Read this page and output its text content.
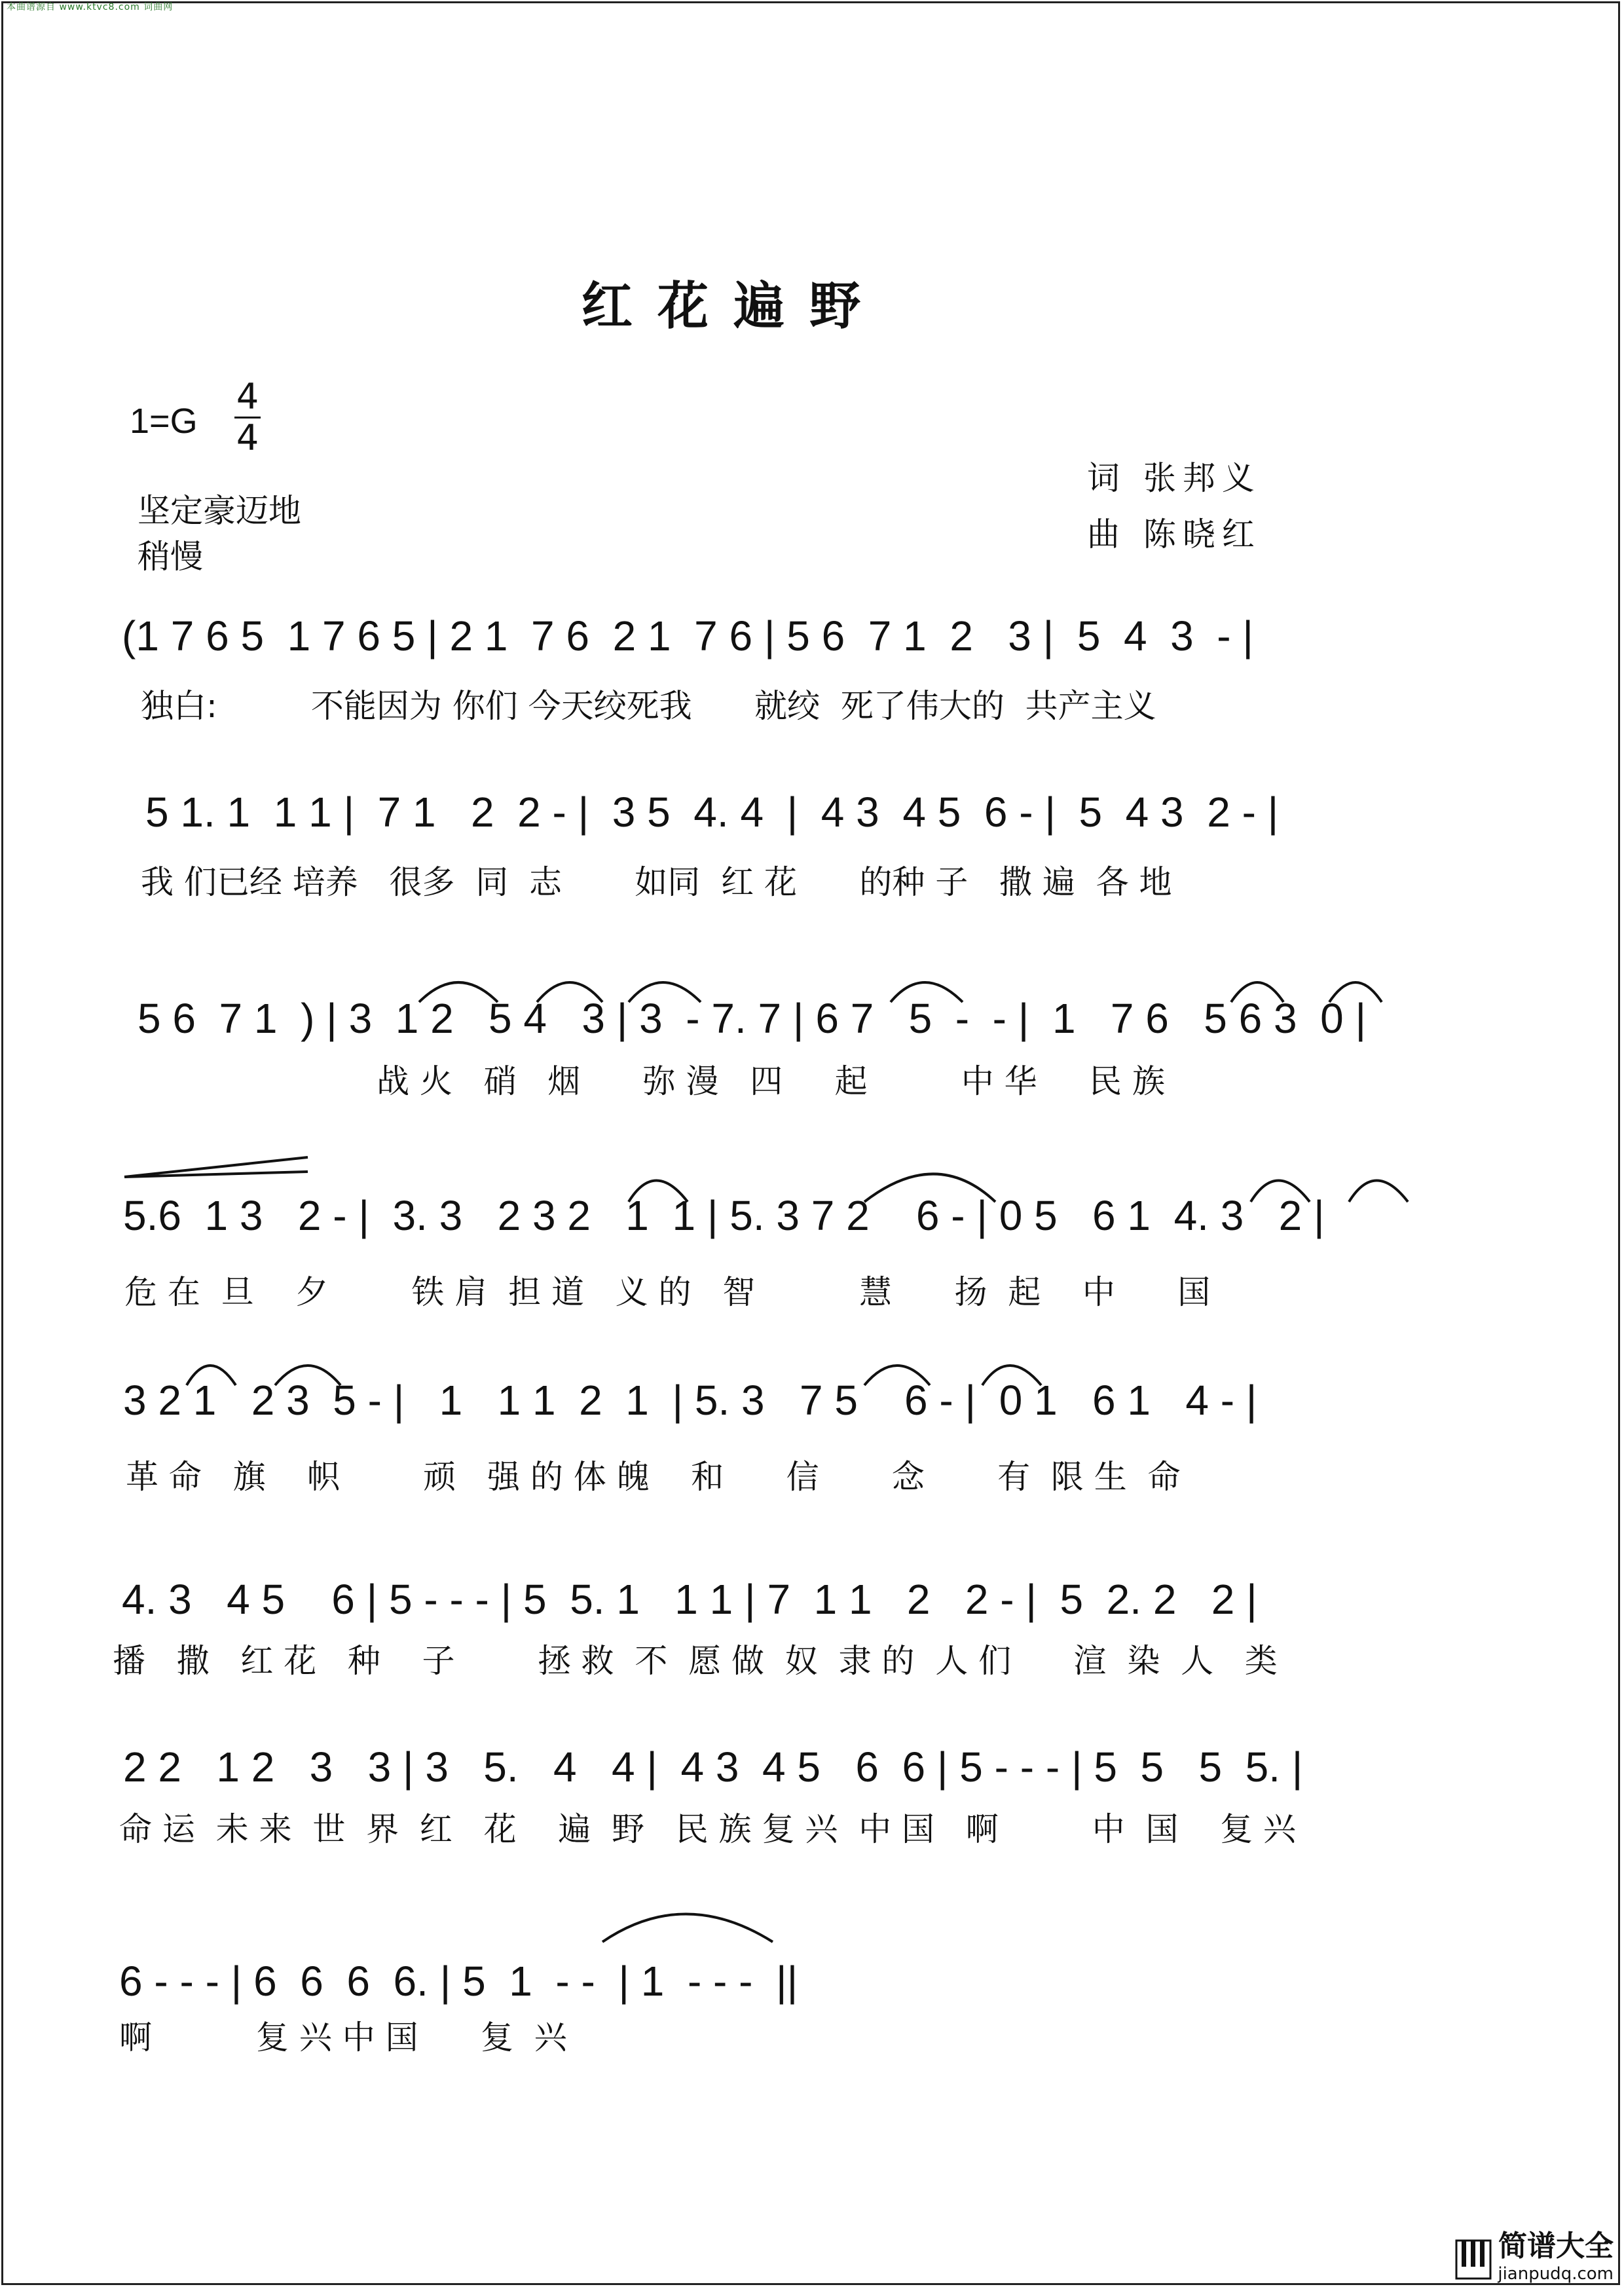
本曲谱源自 www.ktvc8.com 词曲网
红花遍野
1=G
4
4
坚定豪迈地
稍慢
词 张邦义
曲 陈晓红
(1 7 6 5  1 7 6 5 | 2 1  7 6  2 1  7 6 | 5 6  7 1  2   3 |  5  4  3  - |
独白:         不能因为 你们 今天绞死我      就绞  死了伟大的  共产主义
5 1. 1  1 1 |  7 1   2  2 - |  3 5  4. 4  |  4 3  4 5  6 - |  5  4 3  2 - |
我 们已经 培养   很多  同  志       如同  红 花      的种 子   撒 遍  各 地
5 6  7 1  ) | 3  1 2   5 4   3 | 3  - 7. 7 | 6 7   5  -  - |  1   7 6   5 6 3  0 |
战 火   硝   烟      弥 漫   四     起         中 华     民 族
5.6  1 3   2 - |  3. 3   2 3 2   1  1 | 5. 3 7 2    6 - | 0 5   6 1  4. 3   2 |
危 在  旦    夕        铁 肩  担 道   义 的   智          慧      扬  起    中      国
3 2 1   2 3  5 - |   1   1 1  2  1  | 5. 3   7 5    6 - |  0 1   6 1   4 - |
革 命   旗    帜        顽   强 的 体 魄    和      信       念       有  限 生  命
4. 3   4 5    6 | 5 - - - | 5  5. 1   1 1 | 7  1 1   2   2 - |  5  2. 2   2 |
播   撒   红 花   种    子        拯 救  不  愿 做  奴  隶 的  人 们      渲  染  人   类
2 2   1 2   3   3 | 3   5.   4   4 |  4 3  4 5   6  6 | 5 - - - | 5  5   5  5. |
命 运  未 来  世  界  红   花    遍  野   民 族 复 兴  中 国   啊         中  国    复 兴
6 - - - | 6  6  6  6. | 5  1  - -  | 1  - - -  ||
啊          复 兴 中 国      复  兴
简谱大全
jianpudq.com
